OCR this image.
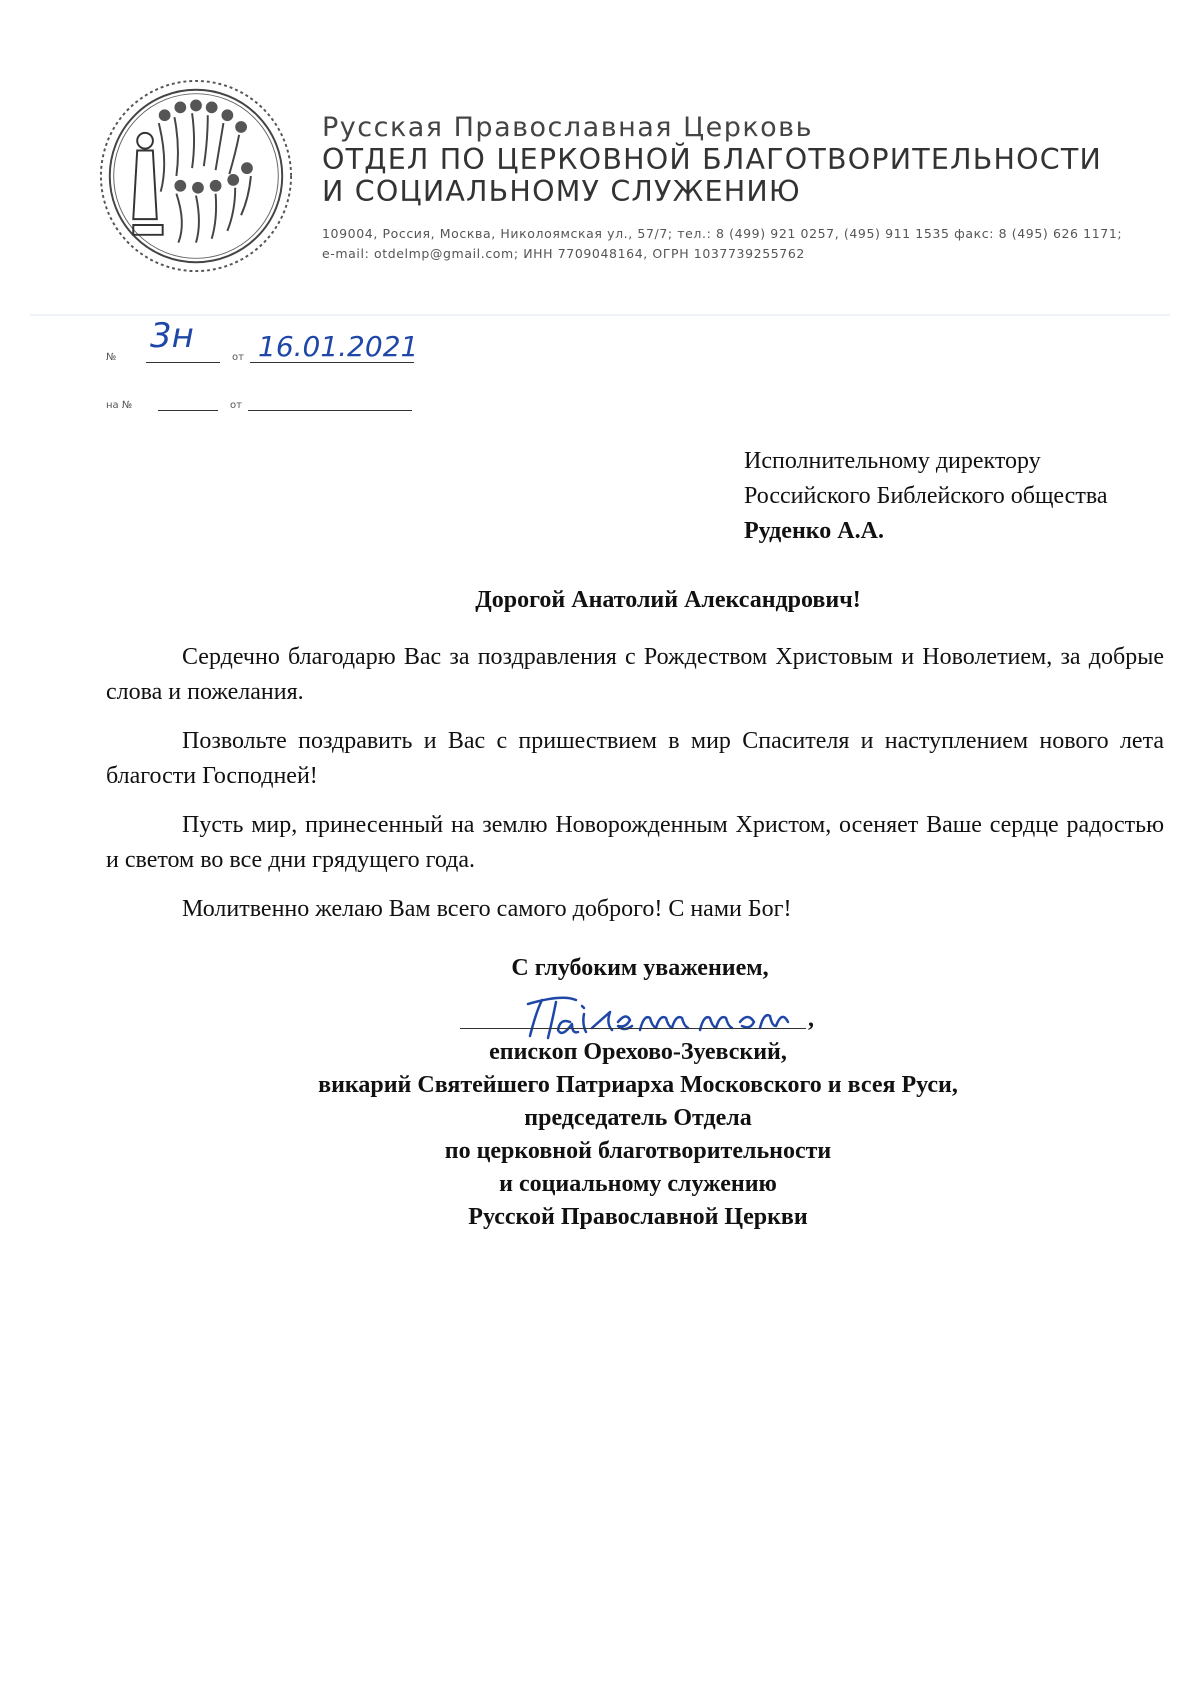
Русская Православная Церковь
ОТДЕЛ ПО ЦЕРКОВНОЙ БЛАГОТВОРИТЕЛЬНОСТИ
И СОЦИАЛЬНОМУ СЛУЖЕНИЮ
109004, Россия, Москва, Николоямская ул., 57/7; тел.: 8 (499) 921 0257, (495) 911 1535 факс: 8 (495) 626 1171;
e-mail: otdelmp@gmail.com; ИНН 7709048164, ОГРН 1037739255762
№
3н
от 16.01.2021
на №	от
Исполнительному директору
Российского Библейского общества
Руденко А.А.
Дорогой Анатолий Александрович!

Сердечно благодарю Вас за поздравления с Рождеством Христовым и Новолетием, за добрые слова и пожелания.

Позвольте поздравить и Вас с пришествием в мир Спасителя и наступлением нового лета благости Господней!

Пусть мир, принесенный на землю Новорожденным Христом, осеняет Ваше сердце радостью и светом во все дни грядущего года.

Молитвенно желаю Вам всего самого доброго! С нами Бог!

С глубоким уважением,
,
епископ Орехово-Зуевский,
викарий Святейшего Патриарха Московского и всея Руси,
председатель Отдела
по церковной благотворительности
и социальному служению
Русской Православной Церкви
